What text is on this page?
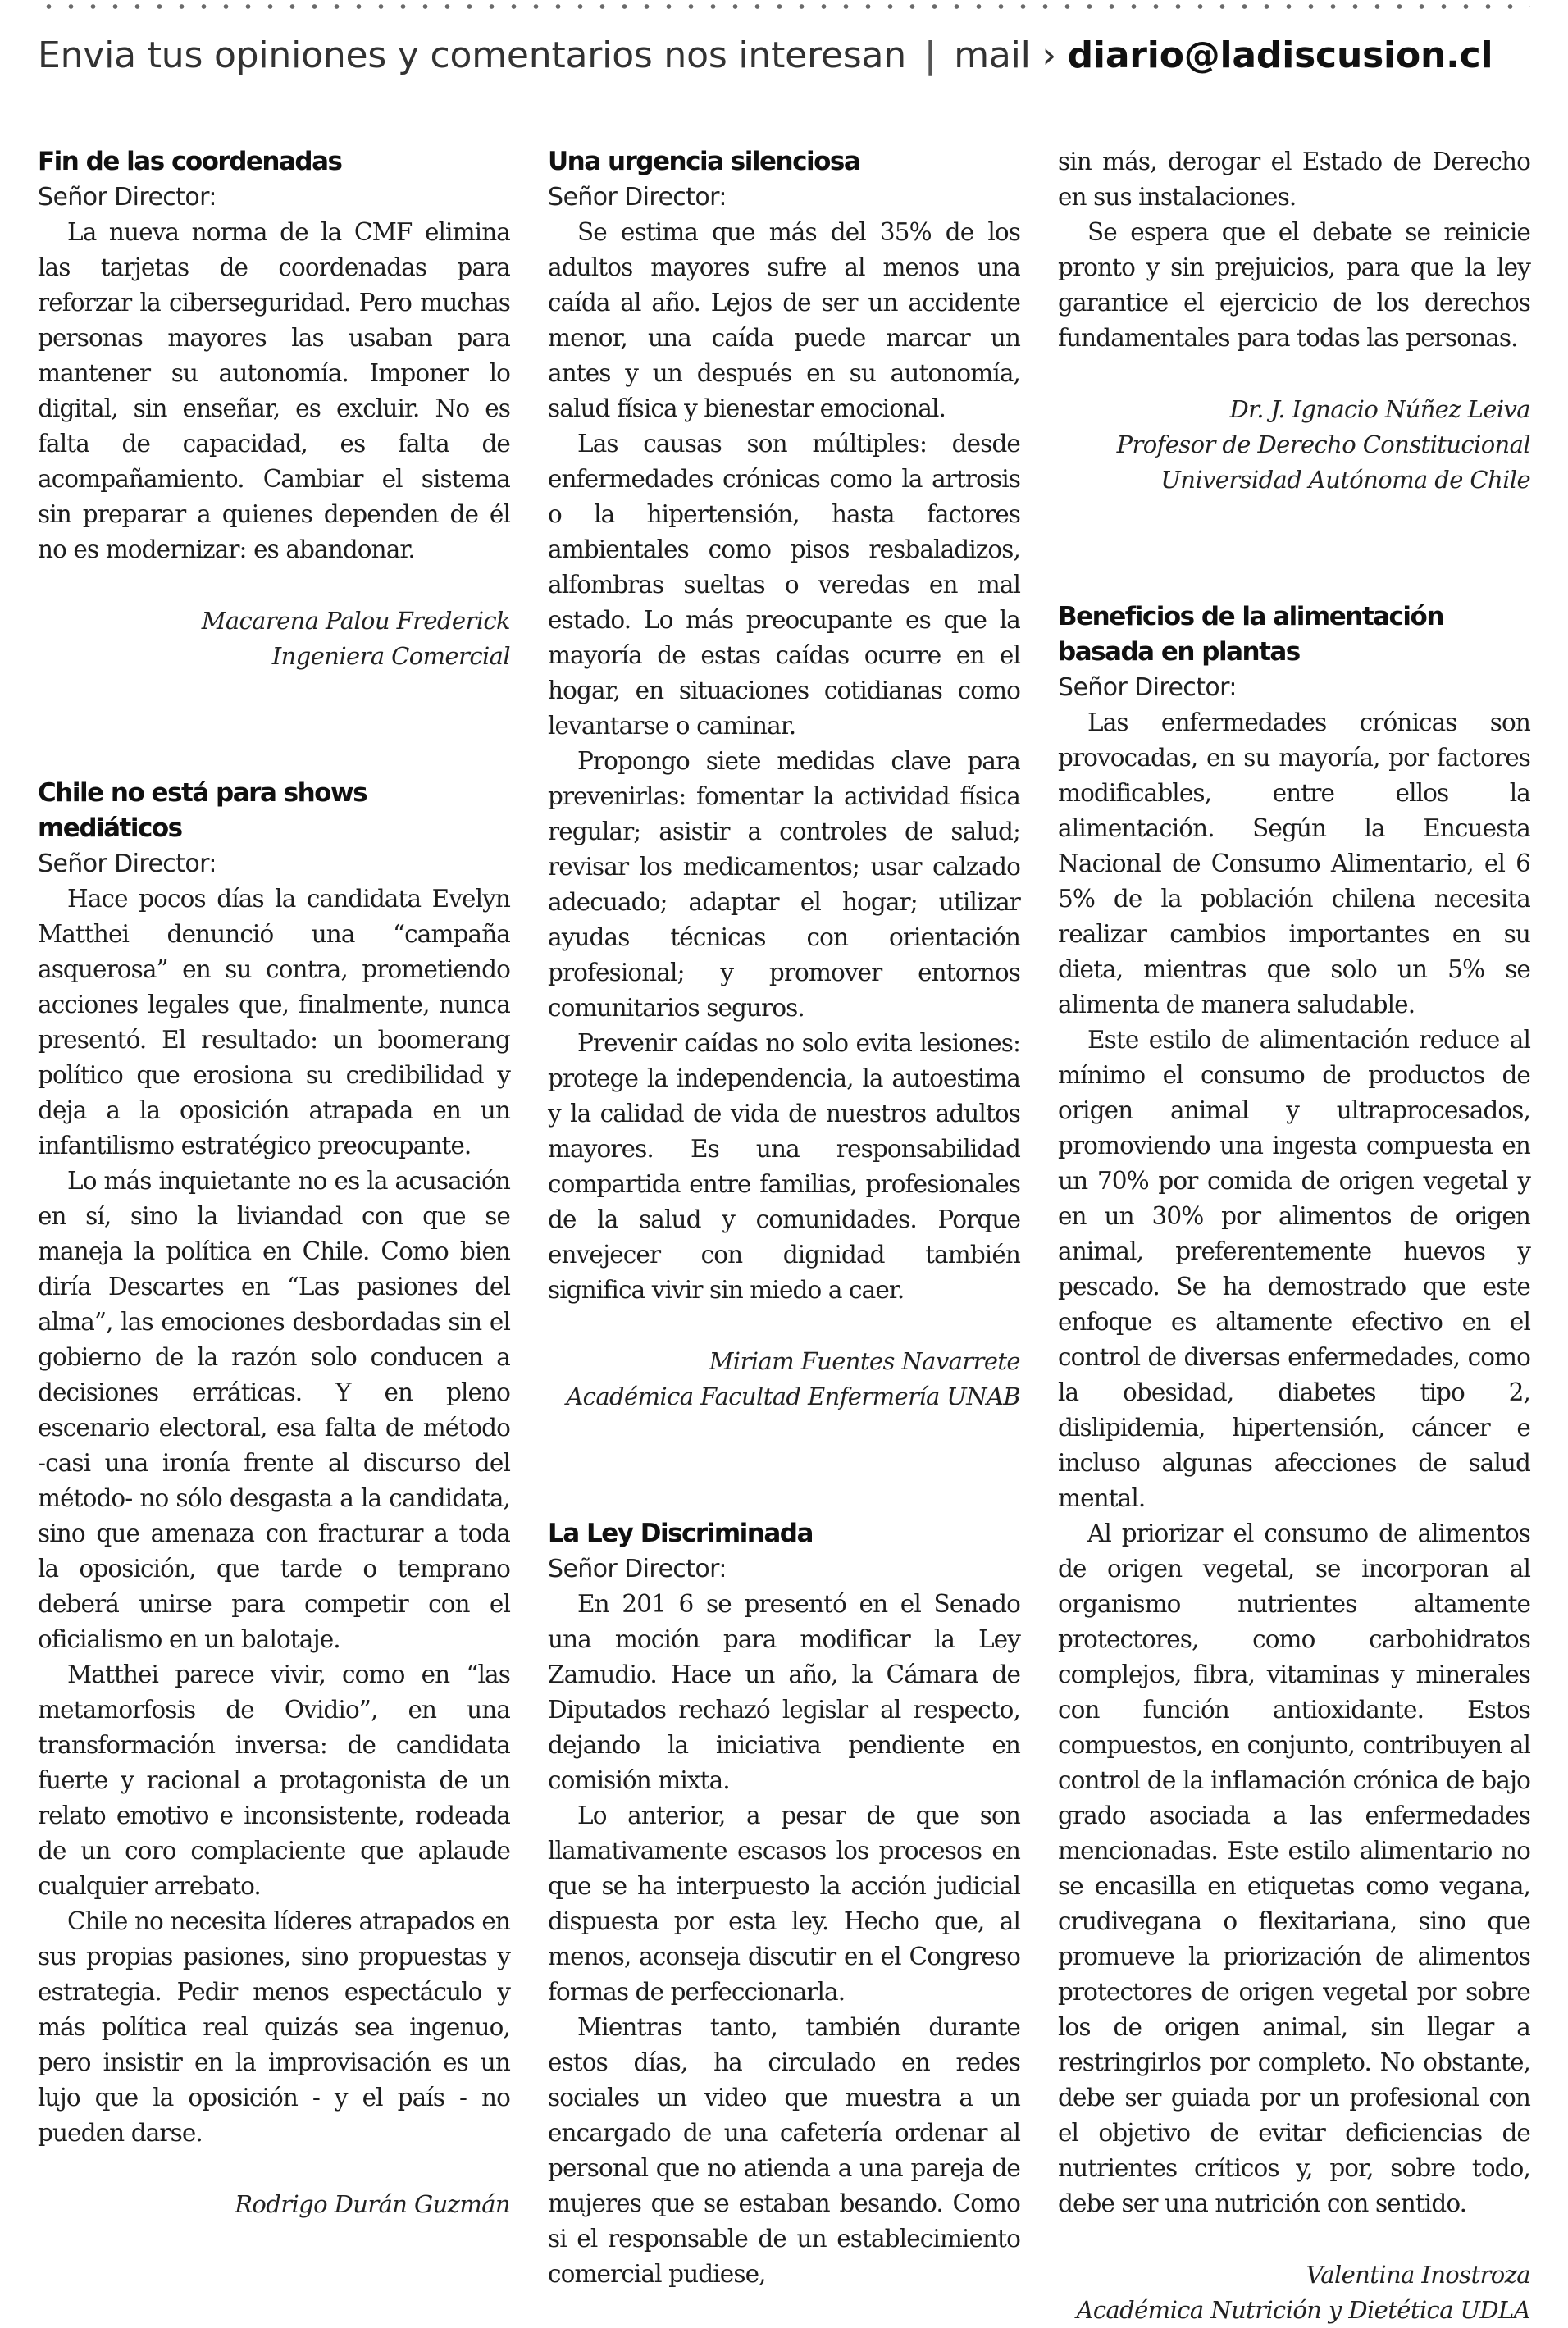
Envia tus opiniones y comentarios nos interesan | mail › diario@ladiscusion.cl
Fin de las coordenadas
Señor Director:

La nueva norma de la CMF elimina las tarjetas de coordenadas para reforzar la ciberseguridad. Pero muchas personas mayores las usaban para mantener su autonomía. Imponer lo digital, sin enseñar, es excluir. No es falta de capacidad, es falta de acompañamiento. Cambiar el sistema sin preparar a quienes dependen de él no es modernizar: es abandonar.

Macarena Palou Frederick
Ingeniera Comercial
Chile no está para shows mediáticos
Señor Director:

Hace pocos días la candidata Evelyn Matthei denunció una “campaña asquerosa” en su contra, prometiendo acciones legales que, finalmente, nunca presentó. El resultado: un boomerang político que erosiona su credibilidad y deja a la oposición atrapada en un infantilismo estratégico preocupante.

Lo más inquietante no es la acusación en sí, sino la liviandad con que se maneja la política en Chile. Como bien diría Descartes en “Las pasiones del alma”, las emociones desbordadas sin el gobierno de la razón solo conducen a decisiones erráticas. Y en pleno escenario electoral, esa falta de método -casi una ironía frente al discurso del método- no sólo desgasta a la candidata, sino que amenaza con fracturar a toda la oposición, que tarde o temprano deberá unirse para competir con el oficialismo en un balotaje.

Matthei parece vivir, como en “las metamorfosis de Ovidio”, en una transformación inversa: de candidata fuerte y racional a protagonista de un relato emotivo e inconsistente, rodeada de un coro complaciente que aplaude cualquier arrebato.

Chile no necesita líderes atrapados en sus propias pasiones, sino propuestas y estrategia. Pedir menos espectáculo y más política real quizás sea ingenuo, pero insistir en la improvisación es un lujo que la oposición - y el país - no pueden darse.

Rodrigo Durán Guzmán
Una urgencia silenciosa
Señor Director:

Se estima que más del 35% de los adultos mayores sufre al menos una caída al año. Lejos de ser un accidente menor, una caída puede marcar un antes y un después en su autonomía, salud física y bienestar emocional.

Las causas son múltiples: desde enfermedades crónicas como la artrosis o la hipertensión, hasta factores ambientales como pisos resbaladizos, alfombras sueltas o veredas en mal estado. Lo más preocupante es que la mayoría de estas caídas ocurre en el hogar, en situaciones cotidianas como levantarse o caminar.

Propongo siete medidas clave para prevenirlas: fomentar la actividad física regular; asistir a controles de salud; revisar los medicamentos; usar calzado adecuado; adaptar el hogar; utilizar ayudas técnicas con orientación profesional; y promover entornos comunitarios seguros.

Prevenir caídas no solo evita lesiones: protege la independencia, la autoestima y la calidad de vida de nuestros adultos mayores. Es una responsabilidad compartida entre familias, profesionales de la salud y comunidades. Porque envejecer con dignidad también significa vivir sin miedo a caer.

Miriam Fuentes Navarrete
Académica Facultad Enfermería UNAB
La Ley Discriminada
Señor Director:

En 201 6 se presentó en el Senado una moción para modificar la Ley Zamudio. Hace un año, la Cámara de Diputados rechazó legislar al respecto, dejando la iniciativa pendiente en comisión mixta.

Lo anterior, a pesar de que son llamativamente escasos los procesos en que se ha interpuesto la acción judicial dispuesta por esta ley. Hecho que, al menos, aconseja discutir en el Congreso formas de perfeccionarla.

Mientras tanto, también durante estos días, ha circulado en redes sociales un video que muestra a un encargado de una cafetería ordenar al personal que no atienda a una pareja de mujeres que se estaban besando. Como si el responsable de un establecimiento comercial pudiese,

sin más, derogar el Estado de Derecho en sus instalaciones.

Se espera que el debate se reinicie pronto y sin prejuicios, para que la ley garantice el ejercicio de los derechos fundamentales para todas las personas.

Dr. J. Ignacio Núñez Leiva
Profesor de Derecho Constitucional
Universidad Autónoma de Chile
Beneficios de la alimentación basada en plantas
Señor Director:

Las enfermedades crónicas son provocadas, en su mayoría, por factores modificables, entre ellos la alimentación. Según la Encuesta Nacional de Consumo Alimentario, el 6 5% de la población chilena necesita realizar cambios importantes en su dieta, mientras que solo un 5% se alimenta de manera saludable.

Este estilo de alimentación reduce al mínimo el consumo de productos de origen animal y ultraprocesados, promoviendo una ingesta compuesta en un 70% por comida de origen vegetal y en un 30% por alimentos de origen animal, preferentemente huevos y pescado. Se ha demostrado que este enfoque es altamente efectivo en el control de diversas enfermedades, como la obesidad, diabetes tipo 2, dislipidemia, hipertensión, cáncer e incluso algunas afecciones de salud mental.

Al priorizar el consumo de alimentos de origen vegetal, se incorporan al organismo nutrientes altamente protectores, como carbohidratos complejos, fibra, vitaminas y minerales con función antioxidante. Estos compuestos, en conjunto, contribuyen al control de la inflamación crónica de bajo grado asociada a las enfermedades mencionadas. Este estilo alimentario no se encasilla en etiquetas como vegana, crudivegana o flexitariana, sino que promueve la priorización de alimentos protectores de origen vegetal por sobre los de origen animal, sin llegar a restringirlos por completo. No obstante, debe ser guiada por un profesional con el objetivo de evitar deficiencias de nutrientes críticos y, por, sobre todo, debe ser una nutrición con sentido.

Valentina Inostroza
Académica Nutrición y Dietética UDLA
